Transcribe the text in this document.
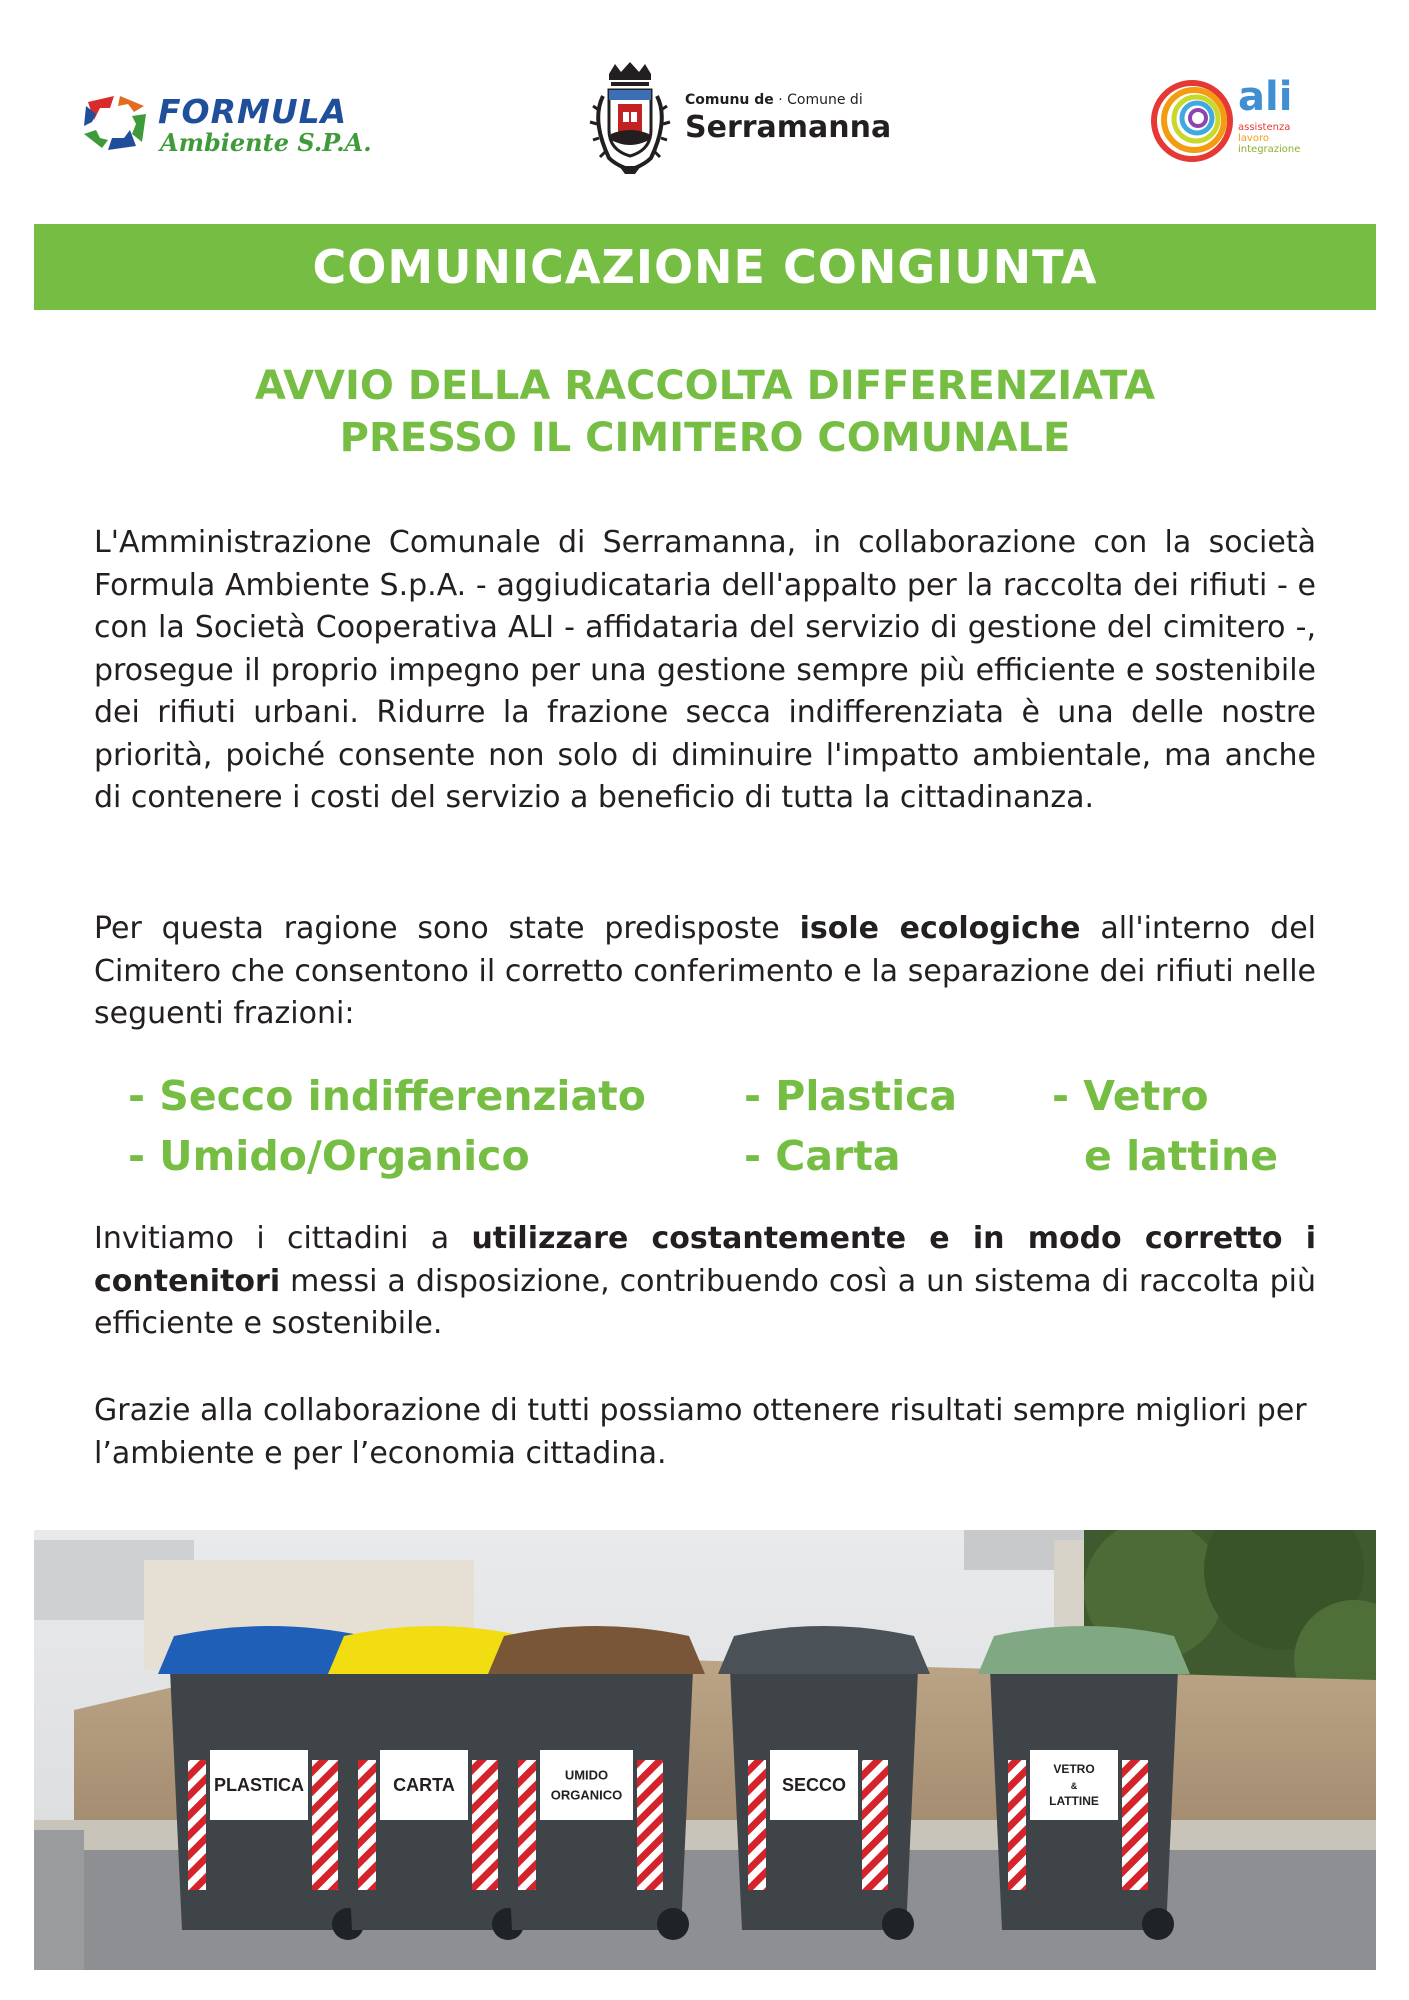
FORMULA
Ambiente S.P.A.
Comunu de · Comune di
Serramanna
ali
assistenza
lavoro
integrazione
COMUNICAZIONE CONGIUNTA
AVVIO DELLA RACCOLTA DIFFERENZIATA
PRESSO IL CIMITERO COMUNALE
L'Amministrazione Comunale di Serramanna, in collaborazione con la società Formula Ambiente S.p.A. - aggiudicataria dell'appalto per la raccolta dei rifiuti - e con la Società Cooperativa ALI - affidataria del servizio di gestione del cimitero -, prosegue il proprio impegno per una gestione sempre più efficiente e sostenibile dei rifiuti urbani. Ridurre la frazione secca indifferenziata è una delle nostre priorità, poiché consente non solo di diminuire l'impatto ambientale, ma anche di contenere i costi del servizio a beneficio di tutta la cittadinanza.
Per questa ragione sono state predisposte isole ecologiche all'interno del Cimitero che consentono il corretto conferimento e la separazione dei rifiuti nelle seguenti frazioni:
- Secco indifferenziato - Plastica - Vetro
- Umido/Organico	- Carta	e lattine
Invitiamo i cittadini a utilizzare costantemente e in modo corretto i contenitori messi a disposizione, contribuendo così a un sistema di raccolta più efficiente e sostenibile.
Grazie alla collaborazione di tutti possiamo ottenere risultati sempre migliori per l’ambiente e per l’economia cittadina.
PLASTICA	CARTA
UMIDO
ORGANICO	SECCO
VETRO
&
LATTINE
